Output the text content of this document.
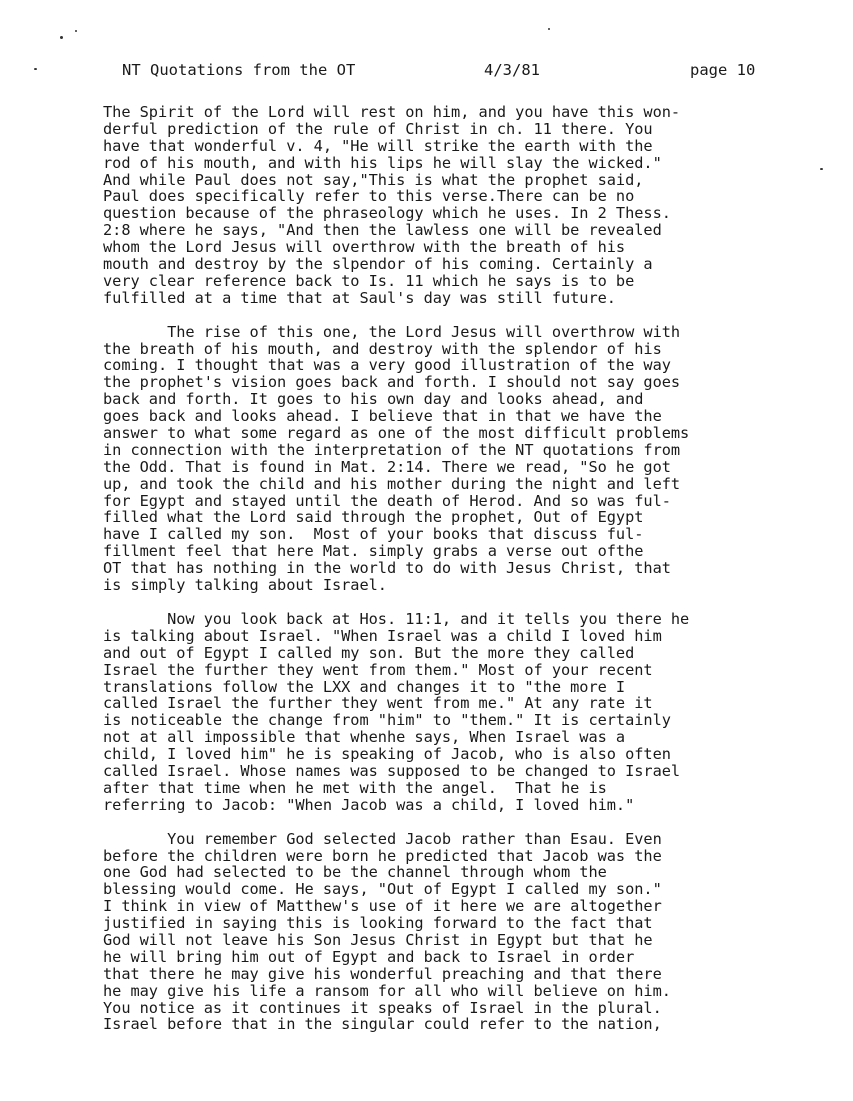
NT Quotations from the OT	4/3/81	page 10
The Spirit of the Lord will rest on him, and you have this won-
derful prediction of the rule of Christ in ch. 11 there. You
have that wonderful v. 4, "He will strike the earth with the
rod of his mouth, and with his lips he will slay the wicked."
And while Paul does not say,"This is what the prophet said,
Paul does specifically refer to this verse.There can be no
question because of the phraseology which he uses. In 2 Thess.
2:8 where he says, "And then the lawless one will be revealed
whom the Lord Jesus will overthrow with the breath of his
mouth and destroy by the slpendor of his coming. Certainly a
very clear reference back to Is. 11 which he says is to be
fulfilled at a time that at Saul's day was still future.
The rise of this one, the Lord Jesus will overthrow with
the breath of his mouth, and destroy with the splendor of his
coming. I thought that was a very good illustration of the way
the prophet's vision goes back and forth. I should not say goes
back and forth. It goes to his own day and looks ahead, and
goes back and looks ahead. I believe that in that we have the
answer to what some regard as one of the most difficult problems
in connection with the interpretation of the NT quotations from
the Odd. That is found in Mat. 2:14. There we read, "So he got
up, and took the child and his mother during the night and left
for Egypt and stayed until the death of Herod. And so was ful-
filled what the Lord said through the prophet, Out of Egypt
have I called my son.  Most of your books that discuss ful-
fillment feel that here Mat. simply grabs a verse out ofthe
OT that has nothing in the world to do with Jesus Christ, that
is simply talking about Israel.
Now you look back at Hos. 11:1, and it tells you there he
is talking about Israel. "When Israel was a child I loved him
and out of Egypt I called my son. But the more they called
Israel the further they went from them." Most of your recent
translations follow the LXX and changes it to "the more I
called Israel the further they went from me." At any rate it
is noticeable the change from "him" to "them." It is certainly
not at all impossible that whenhe says, When Israel was a
child, I loved him" he is speaking of Jacob, who is also often
called Israel. Whose names was supposed to be changed to Israel
after that time when he met with the angel.  That he is
referring to Jacob: "When Jacob was a child, I loved him."
You remember God selected Jacob rather than Esau. Even
before the children were born he predicted that Jacob was the
one God had selected to be the channel through whom the
blessing would come. He says, "Out of Egypt I called my son."
I think in view of Matthew's use of it here we are altogether
justified in saying this is looking forward to the fact that
God will not leave his Son Jesus Christ in Egypt but that he
he will bring him out of Egypt and back to Israel in order
that there he may give his wonderful preaching and that there
he may give his life a ransom for all who will believe on him.
You notice as it continues it speaks of Israel in the plural.
Israel before that in the singular could refer to the nation,
